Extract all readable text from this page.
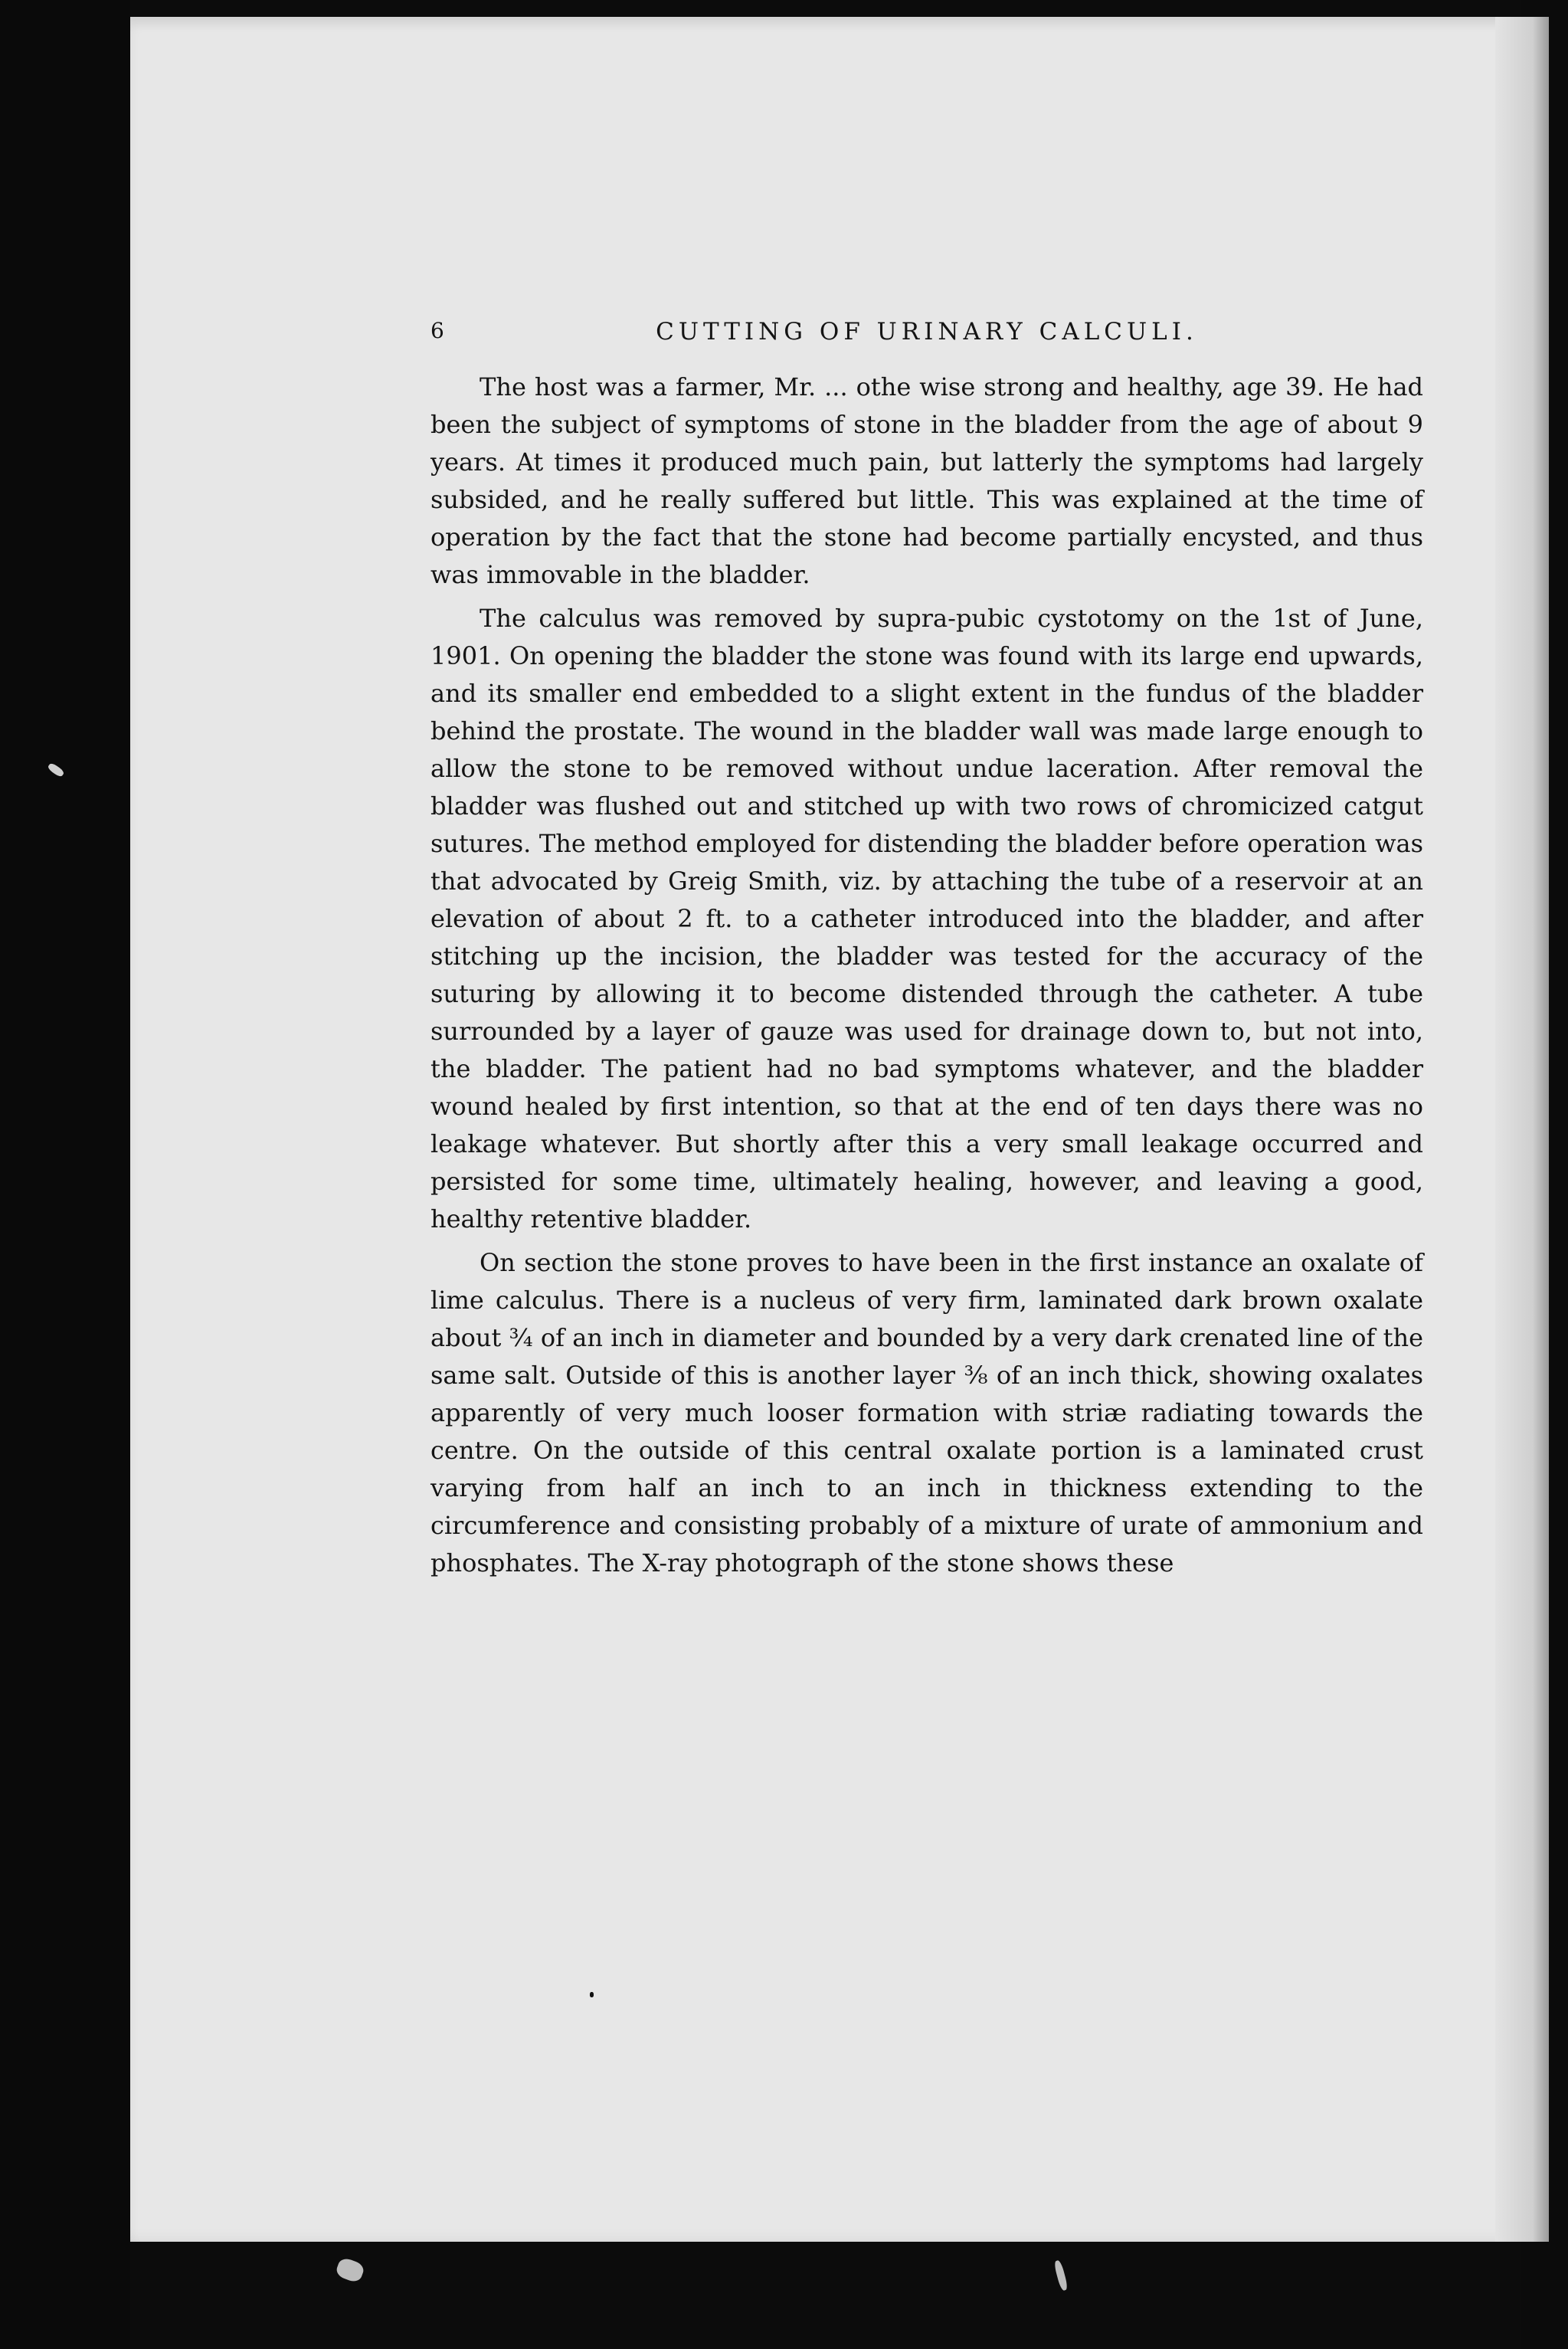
6	CUTTING OF URINARY CALCULI.

The host was a farmer, Mr. ... othe wise strong and healthy, age 39. He had been the subject of symptoms of stone in the bladder from the age of about 9 years. At times it produced much pain, but latterly the symptoms had largely subsided, and he really suffered but little. This was explained at the time of operation by the fact that the stone had become partially encysted, and thus was immovable in the bladder.

The calculus was removed by supra-pubic cystotomy on the 1st of June, 1901. On opening the bladder the stone was found with its large end upwards, and its smaller end embedded to a slight extent in the fundus of the bladder behind the prostate. The wound in the bladder wall was made large enough to allow the stone to be removed without undue laceration. After removal the bladder was flushed out and stitched up with two rows of chromicized catgut sutures. The method employed for distending the bladder before operation was that advocated by Greig Smith, viz. by attaching the tube of a reservoir at an elevation of about 2 ft. to a catheter introduced into the bladder, and after stitching up the incision, the bladder was tested for the accuracy of the suturing by allowing it to become distended through the catheter. A tube surrounded by a layer of gauze was used for drainage down to, but not into, the bladder. The patient had no bad symptoms whatever, and the bladder wound healed by first intention, so that at the end of ten days there was no leakage whatever. But shortly after this a very small leakage occurred and persisted for some time, ultimately healing, however, and leaving a good, healthy retentive bladder.

On section the stone proves to have been in the first instance an oxalate of lime calculus. There is a nucleus of very firm, laminated dark brown oxalate about ¾ of an inch in diameter and bounded by a very dark crenated line of the same salt. Outside of this is another layer ⅜ of an inch thick, showing oxalates apparently of very much looser formation with striæ radiating towards the centre. On the outside of this central oxalate portion is a laminated crust varying from half an inch to an inch in thickness extending to the circumference and consisting probably of a mixture of urate of ammonium and phosphates. The X-ray photograph of the stone shows these
